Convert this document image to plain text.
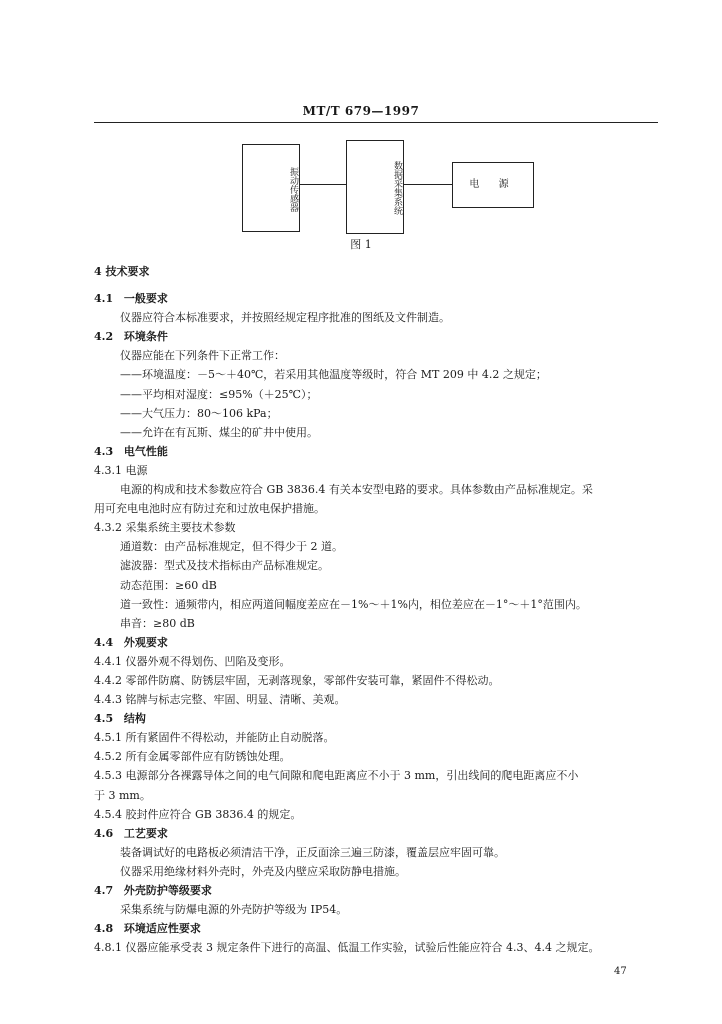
MT/T 679—1997
振动传感器	数据采集系统	电 源
图 1
4 技术要求
4.1 一般要求
仪器应符合本标准要求，并按照经规定程序批准的图纸及文件制造。
4.2 环境条件
仪器应能在下列条件下正常工作：
——环境温度：－5～＋40℃，若采用其他温度等级时，符合 MT 209 中 4.2 之规定；
——平均相对湿度：≤95%（＋25℃）；
——大气压力：80～106 kPa；
——允许在有瓦斯、煤尘的矿井中使用。
4.3 电气性能
4.3.1 电源
电源的构成和技术参数应符合 GB 3836.4 有关本安型电路的要求。具体参数由产品标准规定。采
用可充电电池时应有防过充和过放电保护措施。
4.3.2 采集系统主要技术参数
通道数：由产品标准规定，但不得少于 2 道。
滤波器：型式及技术指标由产品标准规定。
动态范围：≥60 dB
道一致性：通频带内，相应两道间幅度差应在－1%～＋1%内，相位差应在－1°～＋1°范围内。
串音：≥80 dB
4.4 外观要求
4.4.1 仪器外观不得划伤、凹陷及变形。
4.4.2 零部件防腐、防锈层牢固，无剥落现象，零部件安装可靠，紧固件不得松动。
4.4.3 铭牌与标志完整、牢固、明显、清晰、美观。
4.5 结构
4.5.1 所有紧固件不得松动，并能防止自动脱落。
4.5.2 所有金属零部件应有防锈蚀处理。
4.5.3 电源部分各裸露导体之间的电气间隙和爬电距离应不小于 3 mm，引出线间的爬电距离应不小
于 3 mm。
4.5.4 胶封件应符合 GB 3836.4 的规定。
4.6 工艺要求
装备调试好的电路板必须清洁干净，正反面涂三遍三防漆，覆盖层应牢固可靠。
仪器采用绝缘材料外壳时，外壳及内壁应采取防静电措施。
4.7 外壳防护等级要求
采集系统与防爆电源的外壳防护等级为 IP54。
4.8 环境适应性要求
4.8.1 仪器应能承受表 3 规定条件下进行的高温、低温工作实验，试验后性能应符合 4.3、4.4 之规定。
47
